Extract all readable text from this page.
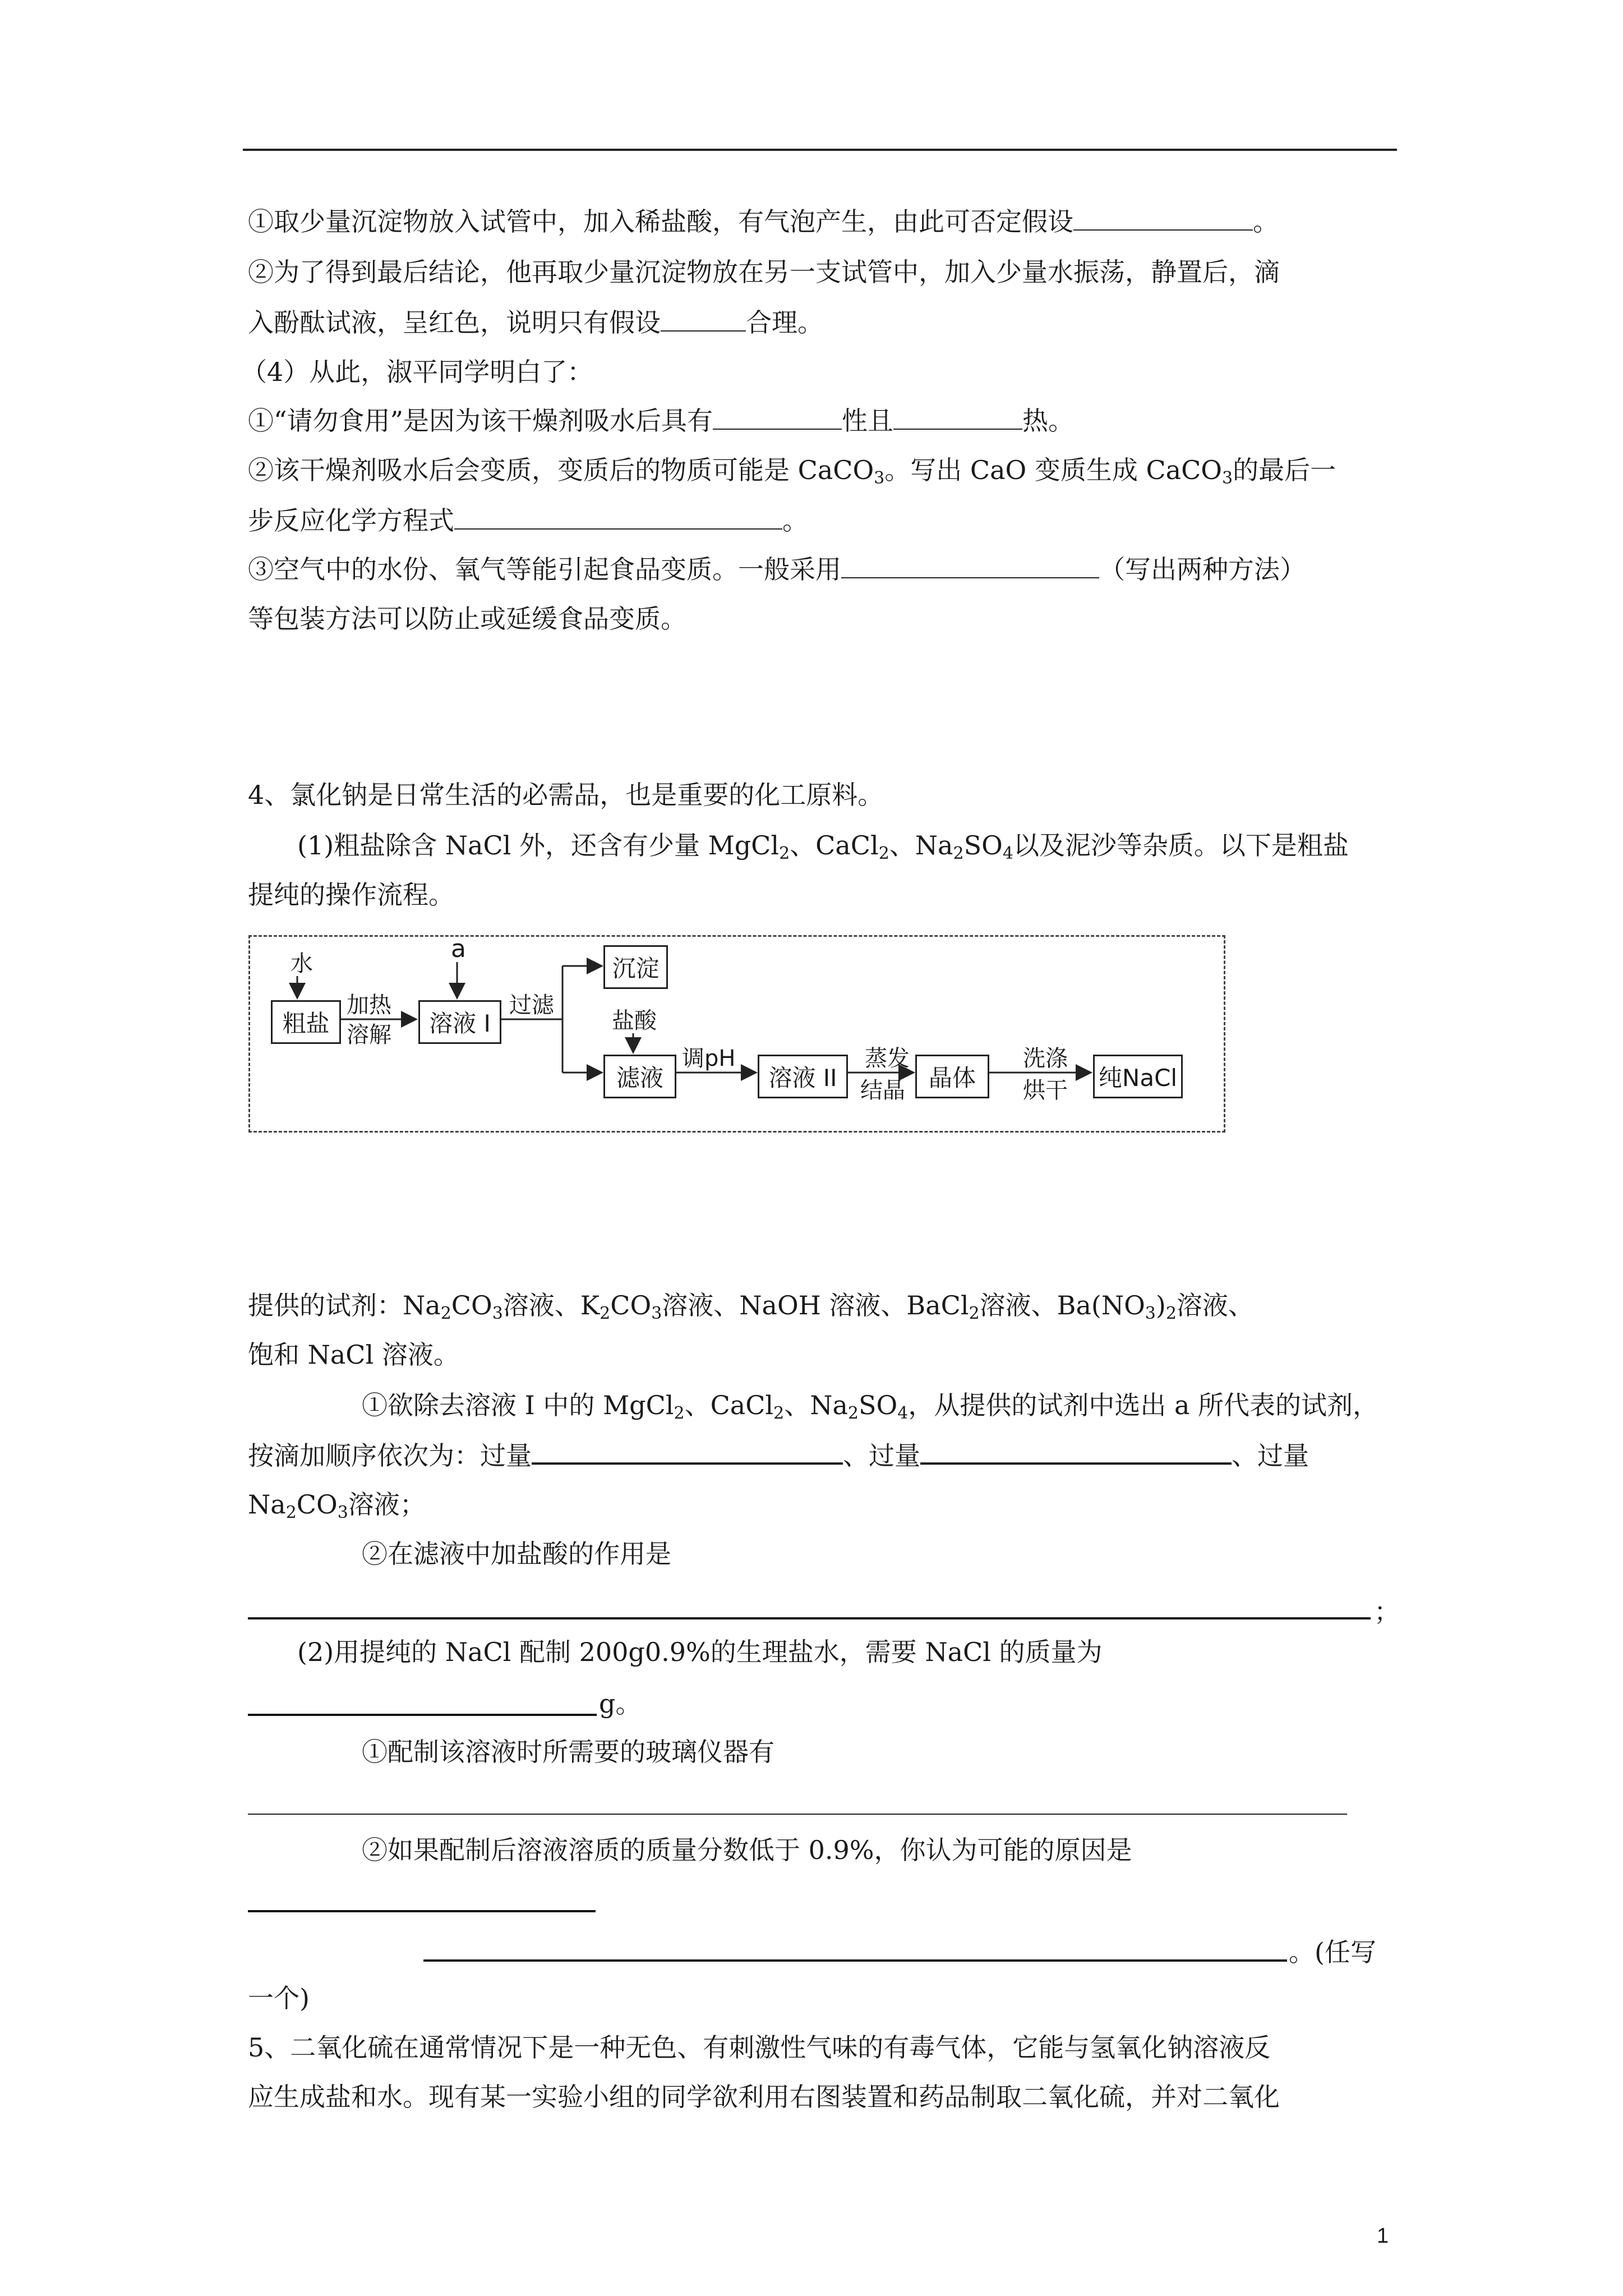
①取少量沉淀物放入试管中，加入稀盐酸，有气泡产生，由此可否定假设	。
②为了得到最后结论，他再取少量沉淀物放在另一支试管中，加入少量水振荡，静置后，滴
入酚酞试液，呈红色，说明只有假设	合理。
（4）从此，淑平同学明白了：
①“请勿食用”是因为该干燥剂吸水后具有	性且	热。
②该干燥剂吸水后会变质，变质后的物质可能是 CaCO$_3$。写出 CaO 变质生成 CaCO$_3$的最后一
步反应化学方程式	。
③空气中的水份、氧气等能引起食品变质。一般采用	（写出两种方法）
等包装方法可以防止或延缓食品变质。
4、氯化钠是日常生活的必需品，也是重要的化工原料。
(1)粗盐除含 NaCl 外，还含有少量 MgCl$_2$、CaCl$_2$、$Na_2SO_4$以及泥沙等杂质。以下是粗盐
提纯的操作流程。
水
粗盐
加热
溶解
a
溶液 I
过滤
沉淀
盐酸
滤液
调pH
溶液 II
蒸发
结晶 晶体
洗涤
烘干 纯NaCl
提供的试剂：$Na_2CO_3$溶液、$K_2CO_3$溶液、NaOH 溶液、BaCl$_2$溶液、$Ba(NO_3)_2$溶液、
饱和 NaCl 溶液。
①欲除去溶液 I 中的 MgCl$_2$、CaCl$_2$、$Na_2SO_4$，从提供的试剂中选出 a 所代表的试剂，
按滴加顺序依次为：过量	、过量	、过量
$Na_2CO_3$溶液；
②在滤液中加盐酸的作用是
；
(2)用提纯的 NaCl 配制 200g0.9%的生理盐水，需要 NaCl 的质量为
g。
①配制该溶液时所需要的玻璃仪器有
②如果配制后溶液溶质的质量分数低于 0.9%，你认为可能的原因是
。(任写
一个)
5、二氧化硫在通常情况下是一种无色、有刺激性气味的有毒气体，它能与氢氧化钠溶液反
应生成盐和水。现有某一实验小组的同学欲利用右图装置和药品制取二氧化硫，并对二氧化
1
